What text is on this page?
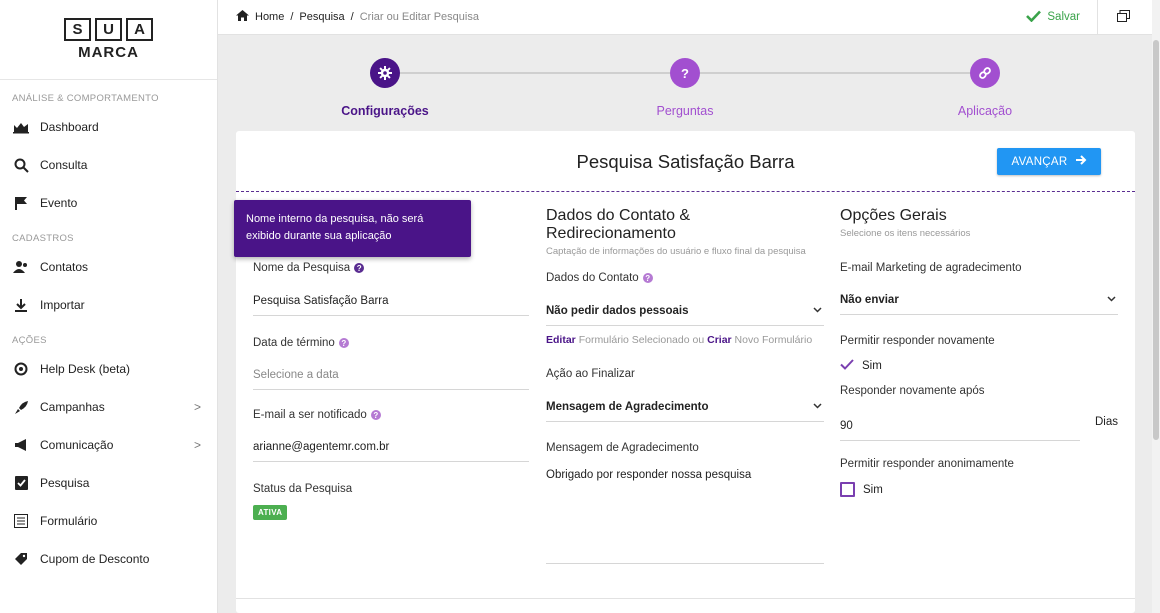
S	U	A
MARCA
ANÁLISE & COMPORTAMENTO
Dashboard
Consulta
Evento
CADASTROS
Contatos
Importar
AÇÕES
Help Desk (beta)
Campanhas	>
Comunicação	>
Pesquisa
Formulário
Cupom de Desconto
Home / Pesquisa / Criar ou Editar Pesquisa	Salvar
Configurações
?
Perguntas	Aplicação
Pesquisa Satisfação Barra	AVANÇAR
Nome da Pesquisa ?
Pesquisa Satisfação Barra
Data de término ?
Selecione a data
E-mail a ser notificado ?
arianne@agentemr.com.br
Status da Pesquisa
ATIVA
Dados do Contato & Redirecionamento
Captação de informações do usuário e fluxo final da pesquisa
Dados do Contato ?
Não pedir dados pessoais
Editar Formulário Selecionado ou Criar Novo Formulário
Ação ao Finalizar
Mensagem de Agradecimento
Mensagem de Agradecimento
Obrigado por responder nossa pesquisa
Opções Gerais
Selecione os itens necessários
E-mail Marketing de agradecimento
Não enviar
Permitir responder novamente
Sim
Responder novamente após
90	Dias
Permitir responder anonimamente
Sim
Nome interno da pesquisa, não será exibido durante sua aplicação
